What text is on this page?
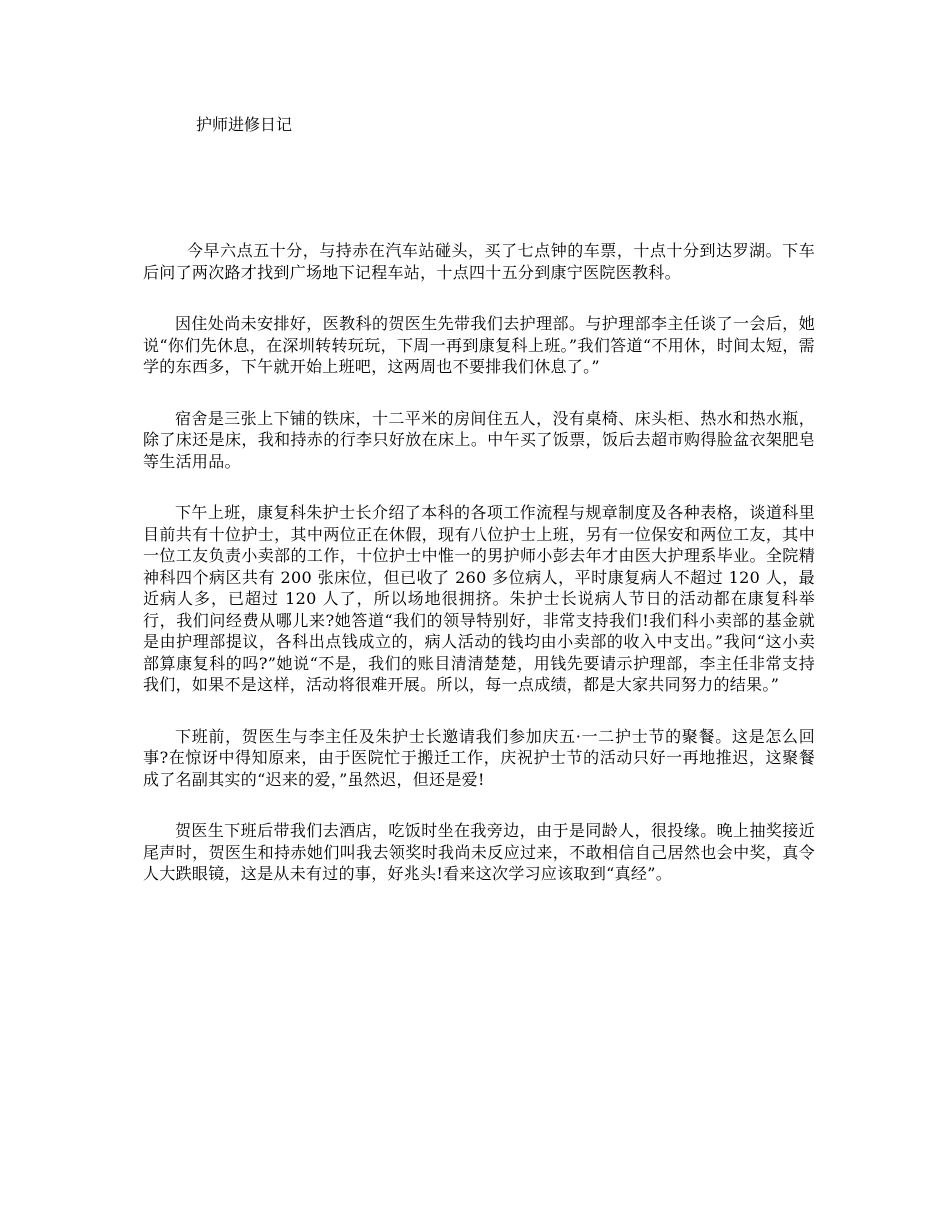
护师进修日记

今早六点五十分，与持赤在汽车站碰头，买了七点钟的车票，十点十分到达罗湖。下车后问了两次路才找到广场地下记程车站，十点四十五分到康宁医院医教科。

因住处尚未安排好，医教科的贺医生先带我们去护理部。与护理部李主任谈了一会后，她说“你们先休息，在深圳转转玩玩，下周一再到康复科上班。”我们答道“不用休，时间太短，需学的东西多，下午就开始上班吧，这两周也不要排我们休息了。”

宿舍是三张上下铺的铁床，十二平米的房间住五人，没有桌椅、床头柜、热水和热水瓶，除了床还是床，我和持赤的行李只好放在床上。中午买了饭票，饭后去超市购得脸盆衣架肥皂等生活用品。

下午上班，康复科朱护士长介绍了本科的各项工作流程与规章制度及各种表格，谈道科里目前共有十位护士，其中两位正在休假，现有八位护士上班，另有一位保安和两位工友，其中一位工友负责小卖部的工作，十位护士中惟一的男护师小彭去年才由医大护理系毕业。全院精神科四个病区共有 200 张床位，但已收了 260 多位病人，平时康复病人不超过 120 人，最近病人多，已超过 120 人了，所以场地很拥挤。朱护士长说病人节日的活动都在康复科举行，我们问经费从哪儿来?她答道“我们的领导特别好，非常支持我们!我们科小卖部的基金就是由护理部提议，各科出点钱成立的，病人活动的钱均由小卖部的收入中支出。”我问“这小卖部算康复科的吗?”她说“不是，我们的账目清清楚楚，用钱先要请示护理部，李主任非常支持我们，如果不是这样，活动将很难开展。所以，每一点成绩，都是大家共同努力的结果。”

下班前，贺医生与李主任及朱护士长邀请我们参加庆五·一二护士节的聚餐。这是怎么回事?在惊讶中得知原来，由于医院忙于搬迁工作，庆祝护士节的活动只好一再地推迟，这聚餐成了名副其实的“迟来的爱，”虽然迟，但还是爱!

贺医生下班后带我们去酒店，吃饭时坐在我旁边，由于是同龄人，很投缘。晚上抽奖接近尾声时，贺医生和持赤她们叫我去领奖时我尚未反应过来，不敢相信自己居然也会中奖，真令人大跌眼镜，这是从未有过的事，好兆头!看来这次学习应该取到“真经”。
